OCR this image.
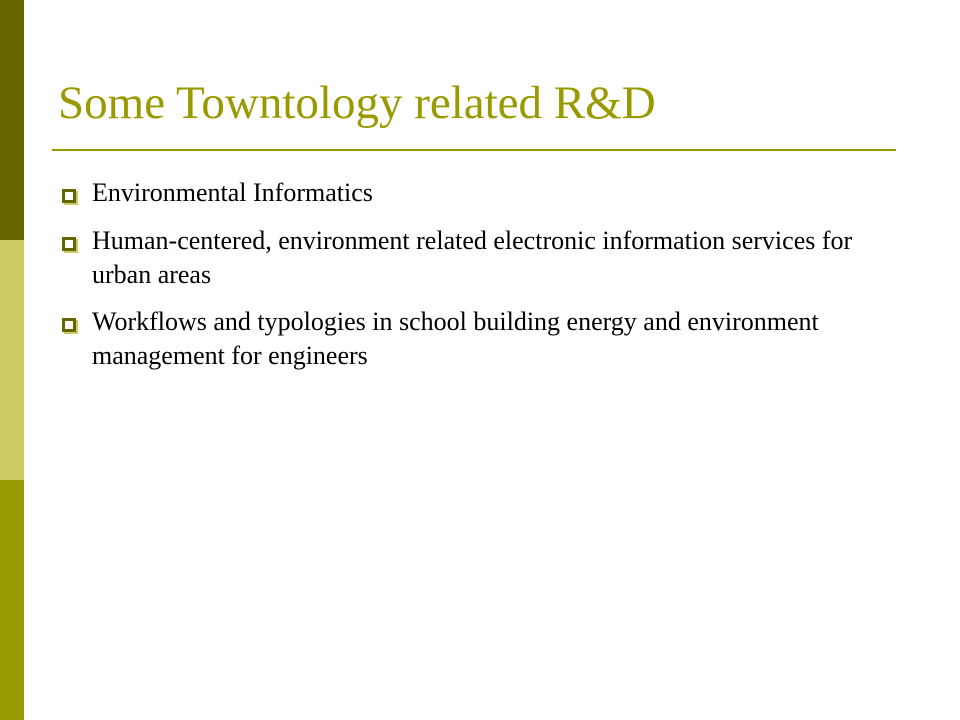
Some Towntology related R&D
Environmental Informatics
Human-centered, environment related electronic information services for urban areas
Workflows and typologies in school building energy and environment management for engineers
